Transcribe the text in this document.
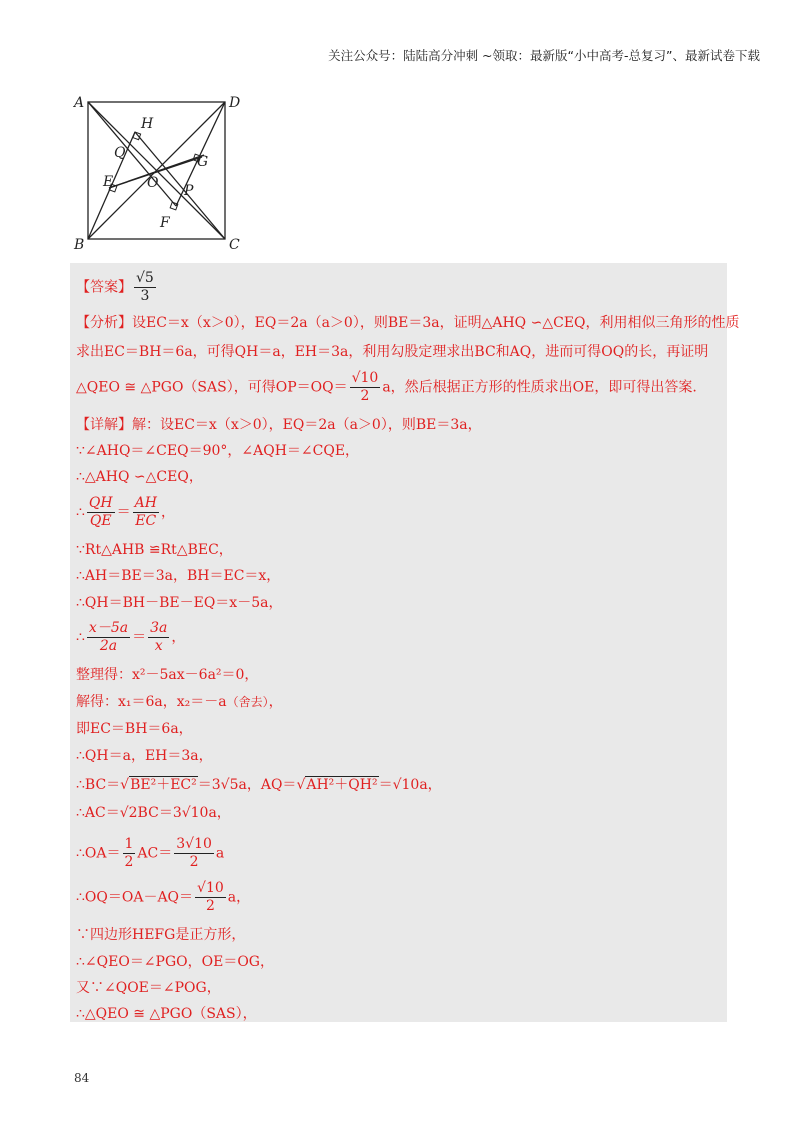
关注公众号：陆陆高分冲刺 ~领取：最新版“小中高考-总复习”、最新试卷下载
A	D
H
Q
G
E O P
F
B	C
【答案】 $\frac{√5}{3}$
【分析】设EC＝x（x＞0），EQ＝2a（a＞0），则BE＝3a，证明△AHQ ∽△CEQ，利用相似三角形的性质
求出EC＝BH＝6a，可得QH＝a，EH＝3a，利用勾股定理求出BC和AQ，进而可得OQ的长，再证明
△QEO ≅ △PGO（SAS），可得$OP=OQ= \frac{√10}{2}$ a，然后根据正方形的性质求出OE，即可得出答案.
【详解】解：设EC＝x（x＞0），EQ＝2a（a＞0），则BE＝3a，
∵∠AHQ＝∠CEQ＝90°，∠AQH＝∠CQE，
∴△AHQ ∽△CEQ，
∴ $\frac{QH}{QE} = \frac{AH}{EC}$ ，
∵Rt△AHB ≌Rt△BEC，
∴AH＝BE＝3a，BH＝EC＝x，
∴QH＝BH－BE－EQ＝x－5a，
∴ $\frac{x-5a}{2a} = \frac{3a}{x}$ ，
整理得：x²－5ax－6a²＝0，
解得：x₁＝6a，x₂＝－a（舍去），
即EC＝BH＝6a，
∴QH＝a，EH＝3a，
∴BC＝√BE²＋EC²＝3√5a，AQ＝√AH²＋QH²＝√10a，
∴AC＝√2BC＝3√10a，
∴OA＝ $\frac{1}{2} AC= \frac{3√10}{2}$ a
∴OQ＝OA－AQ＝ $\frac{√10}{2}$ a，
∵四边形HEFG是正方形，
∴∠QEO＝∠PGO，OE＝OG，
又∵∠QOE＝∠POG，
∴△QEO ≅ △PGO（SAS），
84
